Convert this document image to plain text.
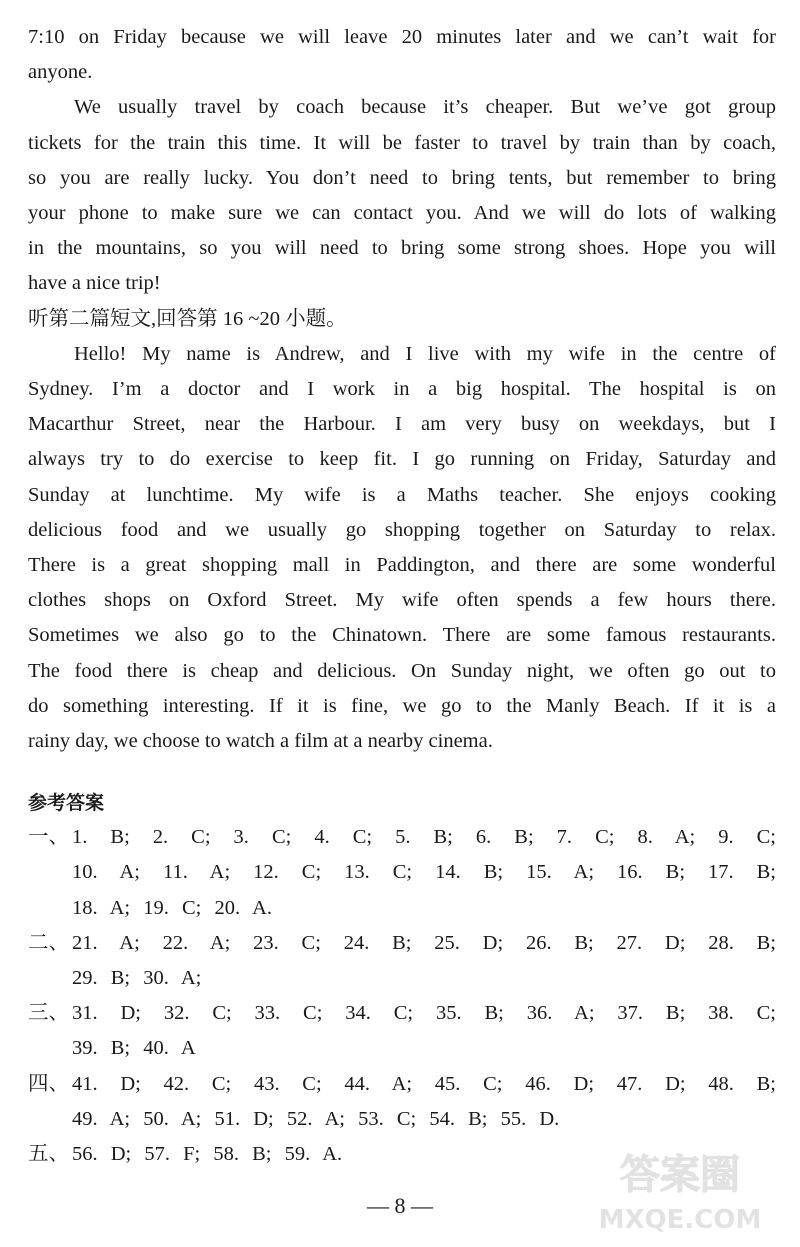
7:10 on Friday because we will leave 20 minutes later and we can’t wait for
anyone.
We usually travel by coach because it’s cheaper. But we’ve got group
tickets for the train this time. It will be faster to travel by train than by coach,
so you are really lucky. You don’t need to bring tents, but remember to bring
your phone to make sure we can contact you. And we will do lots of walking
in the mountains, so you will need to bring some strong shoes. Hope you will
have a nice trip!
听第二篇短文,回答第 16 ~20 小题。
Hello! My name is Andrew, and I live with my wife in the centre of
Sydney. I’m a doctor and I work in a big hospital. The hospital is on
Macarthur Street, near the Harbour. I am very busy on weekdays, but I
always try to do exercise to keep fit. I go running on Friday, Saturday and
Sunday at lunchtime. My wife is a Maths teacher. She enjoys cooking
delicious food and we usually go shopping together on Saturday to relax.
There is a great shopping mall in Paddington, and there are some wonderful
clothes shops on Oxford Street. My wife often spends a few hours there.
Sometimes we also go to the Chinatown. There are some famous restaurants.
The food there is cheap and delicious. On Sunday night, we often go out to
do something interesting. If it is fine, we go to the Manly Beach. If it is a
rainy day, we choose to watch a film at a nearby cinema.
参考答案
一、 1. B; 2. C; 3. C; 4. C; 5. B; 6. B; 7. C; 8. A; 9. C;
10. A; 11. A; 12. C; 13. C; 14. B; 15. A; 16. B; 17. B;
18. A; 19. C; 20. A.
二、 21. A; 22. A; 23. C; 24. B; 25. D; 26. B; 27. D; 28. B;
29. B; 30. A;
三、 31. D; 32. C; 33. C; 34. C; 35. B; 36. A; 37. B; 38. C;
39. B; 40. A
四、 41. D; 42. C; 43. C; 44. A; 45. C; 46. D; 47. D; 48. B;
49. A; 50. A; 51. D; 52. A; 53. C; 54. B; 55. D.
五、 56. D; 57. F; 58. B; 59. A.
— 8 —
答案圈
MXQE.COM
